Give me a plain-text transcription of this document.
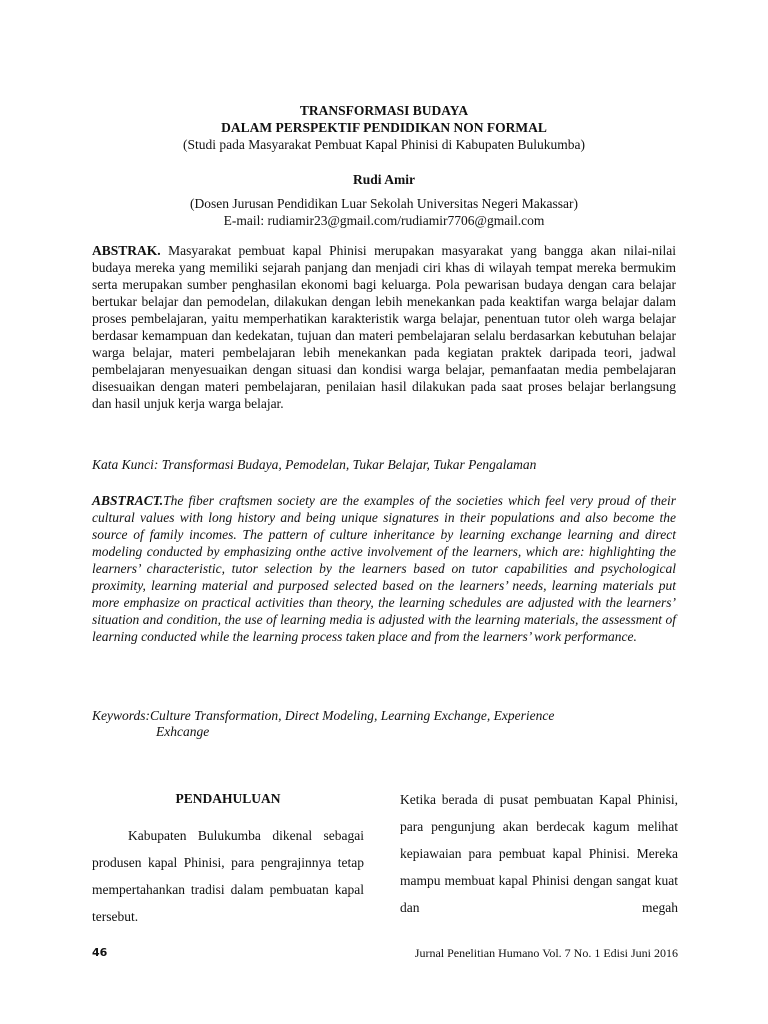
TRANSFORMASI BUDAYA
DALAM PERSPEKTIF PENDIDIKAN NON FORMAL
(Studi pada Masyarakat Pembuat Kapal Phinisi di Kabupaten Bulukumba)
Rudi Amir
(Dosen Jurusan Pendidikan Luar Sekolah Universitas Negeri Makassar)
E-mail: rudiamir23@gmail.com/rudiamir7706@gmail.com
ABSTRAK. Masyarakat pembuat kapal Phinisi merupakan masyarakat yang bangga akan nilai-nilai budaya mereka yang memiliki sejarah panjang dan menjadi ciri khas di wilayah tempat mereka bermukim serta merupakan sumber penghasilan ekonomi bagi keluarga. Pola pewarisan budaya dengan cara belajar bertukar belajar dan pemodelan, dilakukan dengan lebih menekankan pada keaktifan warga belajar dalam proses pembelajaran, yaitu memperhatikan karakteristik warga belajar, penentuan tutor oleh warga belajar berdasar kemampuan dan kedekatan, tujuan dan materi pembelajaran selalu berdasarkan kebutuhan belajar warga belajar, materi pembelajaran lebih menekankan pada kegiatan praktek daripada teori, jadwal pembelajaran menyesuaikan dengan situasi dan kondisi warga belajar, pemanfaatan media pembelajaran disesuaikan dengan materi pembelajaran, penilaian hasil dilakukan pada saat proses belajar berlangsung dan hasil unjuk kerja warga belajar.
Kata Kunci: Transformasi Budaya, Pemodelan, Tukar Belajar, Tukar Pengalaman
ABSTRACT.The fiber craftsmen society are the examples of the societies which feel very proud of their cultural values with long history and being unique signatures in their populations and also become the source of family incomes. The pattern of culture inheritance by learning exchange learning and direct modeling conducted by emphasizing onthe active involvement of the learners, which are: highlighting the learners’ characteristic, tutor selection by the learners based on tutor capabilities and psychological proximity, learning material and purposed selected based on the learners’ needs, learning materials put more emphasize on practical activities than theory, the learning schedules are adjusted with the learners’ situation and condition, the use of learning media is adjusted with the learning materials, the assessment of learning conducted while the learning process taken place and from the learners’ work performance.
Keywords:Culture Transformation, Direct Modeling, Learning Exchange, Experience
Exhcange
PENDAHULUAN
Kabupaten Bulukumba dikenal sebagai produsen kapal Phinisi, para pengrajinnya tetap mempertahankan tradisi dalam pembuatan kapal tersebut.
Ketika berada di pusat pembuatan Kapal Phinisi, para pengunjung akan berdecak kagum melihat kepiawaian para pembuat kapal Phinisi. Mereka mampu membuat kapal Phinisi dengan sangat kuat dan megah
46	Jurnal Penelitian Humano Vol. 7 No. 1 Edisi Juni 2016
